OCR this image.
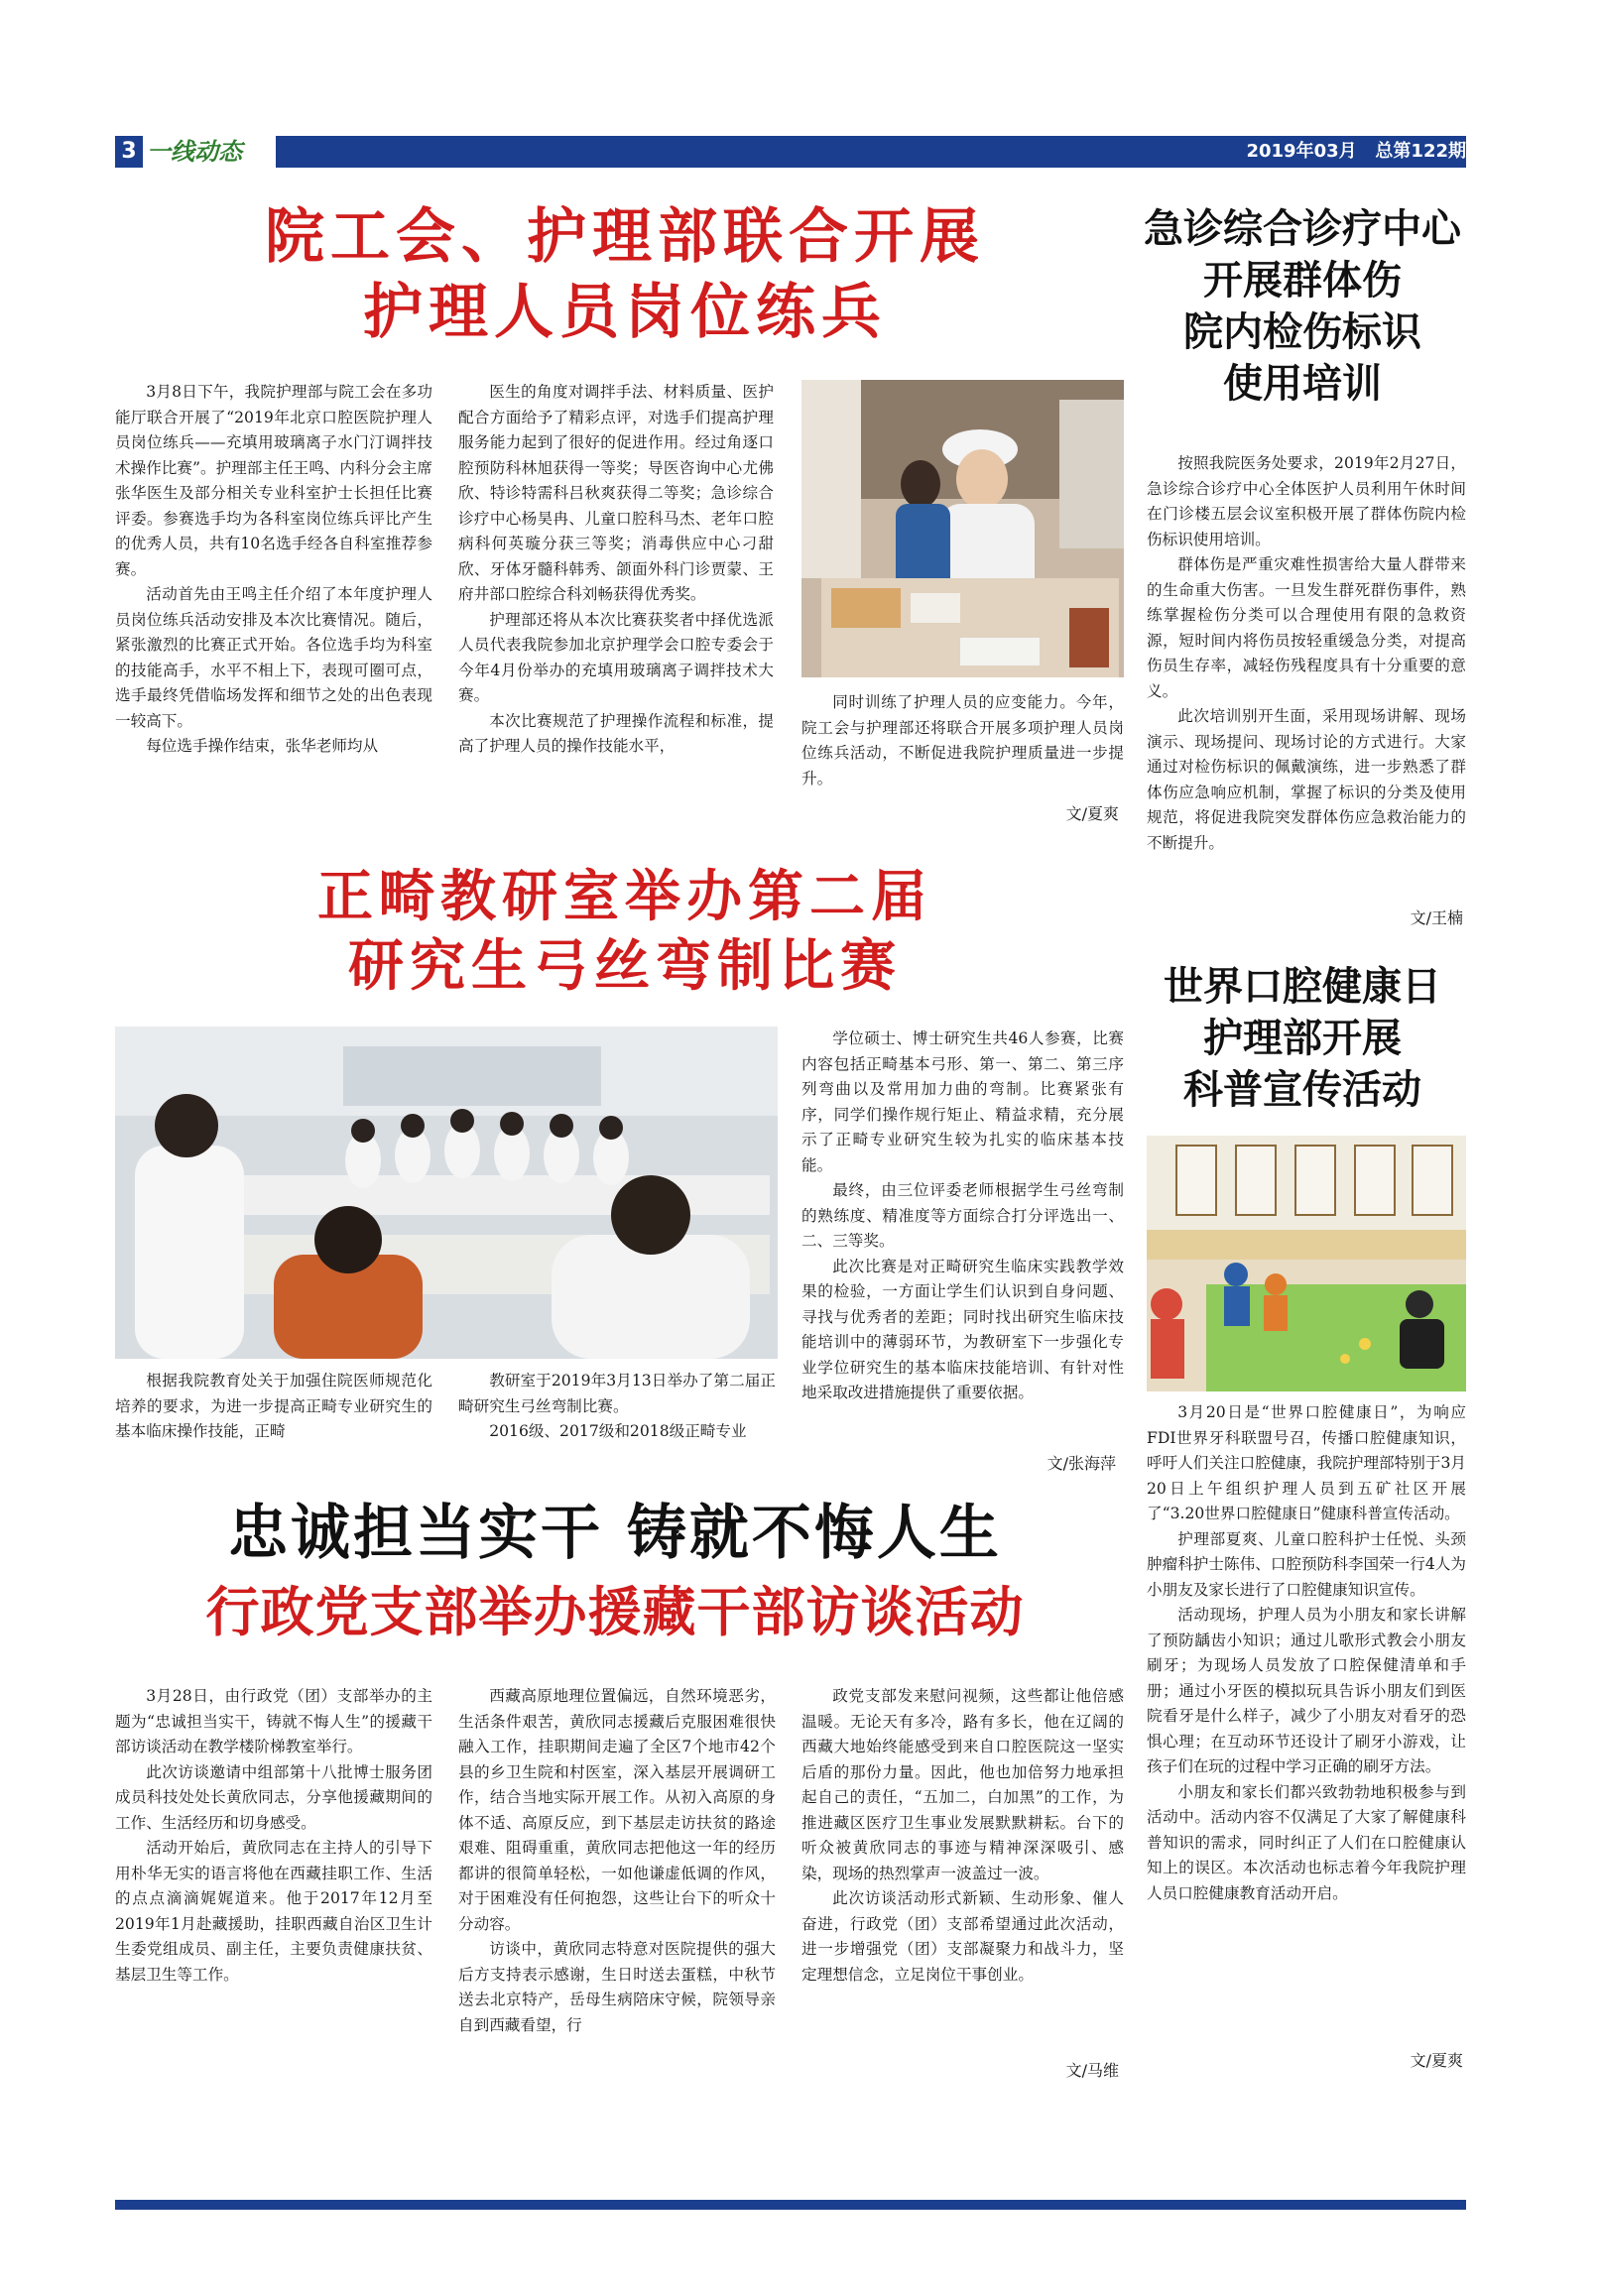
3 一线动态	2019年03月   总第122期
院工会、护理部联合开展
护理人员岗位练兵

3月8日下午，我院护理部与院工会在多功能厅联合开展了“2019年北京口腔医院护理人员岗位练兵——充填用玻璃离子水门汀调拌技术操作比赛”。护理部主任王鸣、内科分会主席张华医生及部分相关专业科室护士长担任比赛评委。参赛选手均为各科室岗位练兵评比产生的优秀人员，共有10名选手经各自科室推荐参赛。

活动首先由王鸣主任介绍了本年度护理人员岗位练兵活动安排及本次比赛情况。随后，紧张激烈的比赛正式开始。各位选手均为科室的技能高手，水平不相上下，表现可圈可点，选手最终凭借临场发挥和细节之处的出色表现一较高下。

每位选手操作结束，张华老师均从

医生的角度对调拌手法、材料质量、医护配合方面给予了精彩点评，对选手们提高护理服务能力起到了很好的促进作用。经过角逐口腔预防科林旭获得一等奖；导医咨询中心尤佛欣、特诊特需科吕秋爽获得二等奖；急诊综合诊疗中心杨昊冉、儿童口腔科马杰、老年口腔病科何英璇分获三等奖；消毒供应中心刁甜欣、牙体牙髓科韩秀、颌面外科门诊贾蒙、王府井部口腔综合科刘畅获得优秀奖。

护理部还将从本次比赛获奖者中择优选派人员代表我院参加北京护理学会口腔专委会于今年4月份举办的充填用玻璃离子调拌技术大赛。

本次比赛规范了护理操作流程和标准，提高了护理人员的操作技能水平，

同时训练了护理人员的应变能力。今年，院工会与护理部还将联合开展多项护理人员岗位练兵活动，不断促进我院护理质量进一步提升。

文/夏爽
急诊综合诊疗中心
开展群体伤
院内检伤标识
使用培训

按照我院医务处要求，2019年2月27日，急诊综合诊疗中心全体医护人员利用午休时间在门诊楼五层会议室积极开展了群体伤院内检伤标识使用培训。

群体伤是严重灾难性损害给大量人群带来的生命重大伤害。一旦发生群死群伤事件，熟练掌握检伤分类可以合理使用有限的急救资源，短时间内将伤员按轻重缓急分类，对提高伤员生存率，减轻伤残程度具有十分重要的意义。

此次培训别开生面，采用现场讲解、现场演示、现场提问、现场讨论的方式进行。大家通过对检伤标识的佩戴演练，进一步熟悉了群体伤应急响应机制，掌握了标识的分类及使用规范，将促进我院突发群体伤应急救治能力的不断提升。

文/王楠
正畸教研室举办第二届
研究生弓丝弯制比赛

根据我院教育处关于加强住院医师规范化培养的要求，为进一步提高正畸专业研究生的基本临床操作技能，正畸

教研室于2019年3月13日举办了第二届正畸研究生弓丝弯制比赛。

2016级、2017级和2018级正畸专业

学位硕士、博士研究生共46人参赛，比赛内容包括正畸基本弓形、第一、第二、第三序列弯曲以及常用加力曲的弯制。比赛紧张有序，同学们操作规行矩止、精益求精，充分展示了正畸专业研究生较为扎实的临床基本技能。

最终，由三位评委老师根据学生弓丝弯制的熟练度、精准度等方面综合打分评选出一、二、三等奖。

此次比赛是对正畸研究生临床实践教学效果的检验，一方面让学生们认识到自身问题、寻找与优秀者的差距；同时找出研究生临床技能培训中的薄弱环节，为教研室下一步强化专业学位研究生的基本临床技能培训、有针对性地采取改进措施提供了重要依据。

文/张海萍
世界口腔健康日
护理部开展
科普宣传活动

3月20日是“世界口腔健康日”，为响应FDI世界牙科联盟号召，传播口腔健康知识，呼吁人们关注口腔健康，我院护理部特别于3月20日上午组织护理人员到五矿社区开展了“3.20世界口腔健康日”健康科普宣传活动。

护理部夏爽、儿童口腔科护士任悦、头颈肿瘤科护士陈伟、口腔预防科李国荣一行4人为小朋友及家长进行了口腔健康知识宣传。

活动现场，护理人员为小朋友和家长讲解了预防龋齿小知识；通过儿歌形式教会小朋友刷牙；为现场人员发放了口腔保健清单和手册；通过小牙医的模拟玩具告诉小朋友们到医院看牙是什么样子，减少了小朋友对看牙的恐惧心理；在互动环节还设计了刷牙小游戏，让孩子们在玩的过程中学习正确的刷牙方法。

小朋友和家长们都兴致勃勃地积极参与到活动中。活动内容不仅满足了大家了解健康科普知识的需求，同时纠正了人们在口腔健康认知上的误区。本次活动也标志着今年我院护理人员口腔健康教育活动开启。

文/夏爽
忠诚担当实干 铸就不悔人生
行政党支部举办援藏干部访谈活动

3月28日，由行政党（团）支部举办的主题为“忠诚担当实干，铸就不悔人生”的援藏干部访谈活动在教学楼阶梯教室举行。

此次访谈邀请中组部第十八批博士服务团成员科技处处长黄欣同志，分享他援藏期间的工作、生活经历和切身感受。

活动开始后，黄欣同志在主持人的引导下用朴华无实的语言将他在西藏挂职工作、生活的点点滴滴娓娓道来。他于2017年12月至2019年1月赴藏援助，挂职西藏自治区卫生计生委党组成员、副主任，主要负责健康扶贫、基层卫生等工作。

西藏高原地理位置偏远，自然环境恶劣，生活条件艰苦，黄欣同志援藏后克服困难很快融入工作，挂职期间走遍了全区7个地市42个县的乡卫生院和村医室，深入基层开展调研工作，结合当地实际开展工作。从初入高原的身体不适、高原反应，到下基层走访扶贫的路途艰难、阻碍重重，黄欣同志把他这一年的经历都讲的很简单轻松，一如他谦虚低调的作风，对于困难没有任何抱怨，这些让台下的听众十分动容。

访谈中，黄欣同志特意对医院提供的强大后方支持表示感谢，生日时送去蛋糕，中秋节送去北京特产，岳母生病陪床守候，院领导亲自到西藏看望，行

政党支部发来慰问视频，这些都让他倍感温暖。无论天有多冷，路有多长，他在辽阔的西藏大地始终能感受到来自口腔医院这一坚实后盾的那份力量。因此，他也加倍努力地承担起自己的责任，“五加二，白加黑”的工作，为推进藏区医疗卫生事业发展默默耕耘。台下的听众被黄欣同志的事迹与精神深深吸引、感染，现场的热烈掌声一波盖过一波。

此次访谈活动形式新颖、生动形象、催人奋进，行政党（团）支部希望通过此次活动，进一步增强党（团）支部凝聚力和战斗力，坚定理想信念，立足岗位干事创业。

文/马维
